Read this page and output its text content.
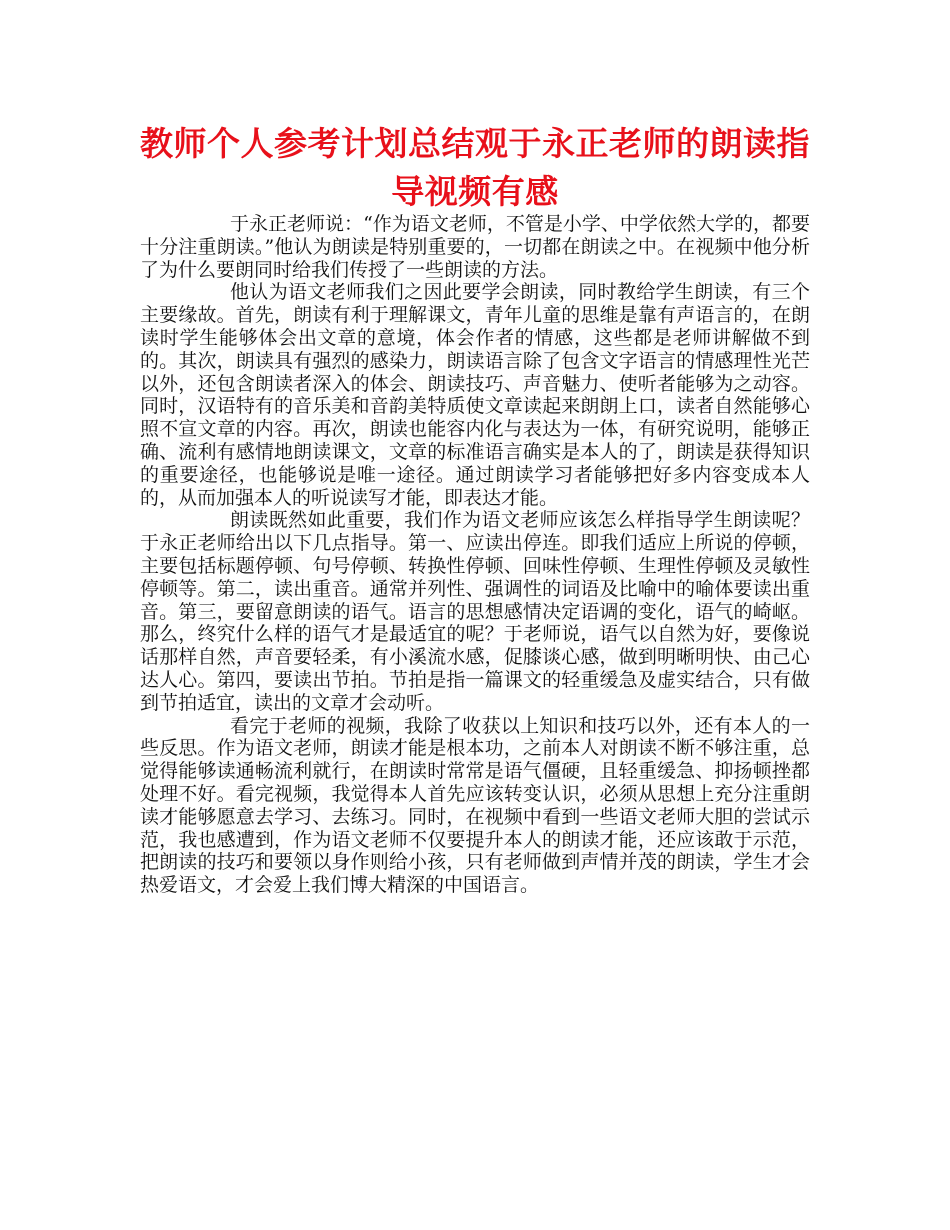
教师个人参考计划总结观于永正老师的朗读指导视频有感

于永正老师说：“作为语文老师，不管是小学、中学依然大学的，都要十分注重朗读。”他认为朗读是特别重要的，一切都在朗读之中。在视频中他分析了为什么要朗同时给我们传授了一些朗读的方法。

他认为语文老师我们之因此要学会朗读，同时教给学生朗读，有三个主要缘故。首先，朗读有利于理解课文，青年儿童的思维是靠有声语言的，在朗读时学生能够体会出文章的意境，体会作者的情感，这些都是老师讲解做不到的。其次，朗读具有强烈的感染力，朗读语言除了包含文字语言的情感理性光芒以外，还包含朗读者深入的体会、朗读技巧、声音魅力、使听者能够为之动容。同时，汉语特有的音乐美和音韵美特质使文章读起来朗朗上口，读者自然能够心照不宣文章的内容。再次，朗读也能容内化与表达为一体，有研究说明，能够正确、流利有感情地朗读课文，文章的标准语言确实是本人的了，朗读是获得知识的重要途径，也能够说是唯一途径。通过朗读学习者能够把好多内容变成本人的，从而加强本人的听说读写才能，即表达才能。

朗读既然如此重要，我们作为语文老师应该怎么样指导学生朗读呢？于永正老师给出以下几点指导。第一、应读出停连。即我们适应上所说的停顿，主要包括标题停顿、句号停顿、转换性停顿、回味性停顿、生理性停顿及灵敏性停顿等。第二，读出重音。通常并列性、强调性的词语及比喻中的喻体要读出重音。第三，要留意朗读的语气。语言的思想感情决定语调的变化，语气的崎岖。那么，终究什么样的语气才是最适宜的呢？于老师说，语气以自然为好，要像说话那样自然，声音要轻柔，有小溪流水感，促膝谈心感，做到明晰明快、由己心达人心。第四，要读出节拍。节拍是指一篇课文的轻重缓急及虚实结合，只有做到节拍适宜，读出的文章才会动听。

看完于老师的视频，我除了收获以上知识和技巧以外，还有本人的一些反思。作为语文老师，朗读才能是根本功，之前本人对朗读不断不够注重，总觉得能够读通畅流利就行，在朗读时常常是语气僵硬，且轻重缓急、抑扬顿挫都处理不好。看完视频，我觉得本人首先应该转变认识，必须从思想上充分注重朗读才能够愿意去学习、去练习。同时，在视频中看到一些语文老师大胆的尝试示范，我也感遭到，作为语文老师不仅要提升本人的朗读才能，还应该敢于示范，把朗读的技巧和要领以身作则给小孩，只有老师做到声情并茂的朗读，学生才会热爱语文，才会爱上我们博大精深的中国语言。
